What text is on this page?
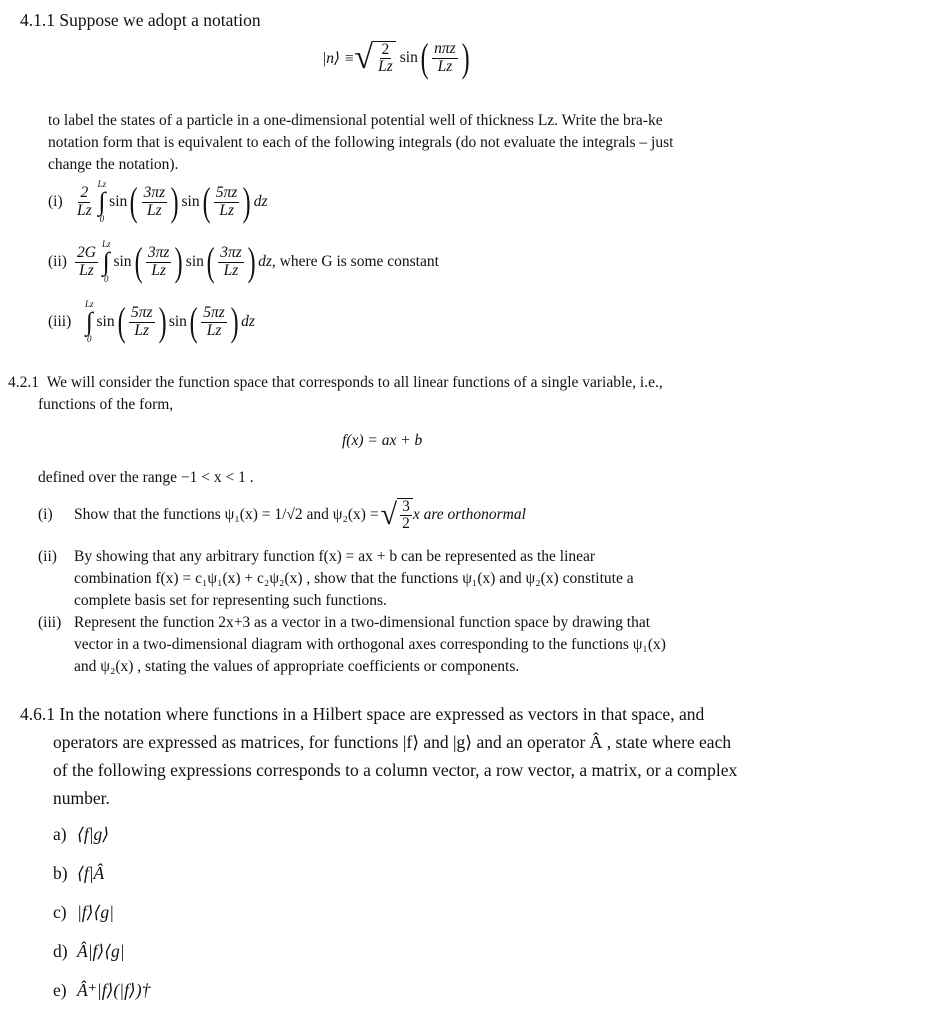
4.1.1 Suppose we adopt a notation
|n⟩ ≡ √ $\frac{2}{Lz}$ sin ( $\frac{\text{nπz}}{Lz}$ )
to label the states of a particle in a one-dimensional potential well of thickness Lz. Write the bra-ke
notation form that is equivalent to each of the following integrals (do not evaluate the integrals – just
change the notation).
$(i) \frac{2}{Lz}$
Lz
∫
0
sin ( $\frac{3\pi z}{Lz}$ ) sin ( $\frac{5\pi z}{Lz}$ ) dz
$(ii) \frac{2G}{Lz}$
Lz
∫
0
sin ( $\frac{3\pi z}{Lz}$ ) sin ( $\frac{3\pi z}{Lz}$ ) dz , where G is some constant
(iii)
Lz
∫
0
sin ( $\frac{5\pi z}{Lz}$ ) sin ( $\frac{5\pi z}{Lz}$ ) dz
4.2.1 We will consider the function space that corresponds to all linear functions of a single variable, i.e.,
functions of the form,
f(x) = ax + b
defined over the range −1 < x < 1 .
(i)	Show that the functions ψ₁(x) = 1/√2 and ψ₂(x) = √ $\frac{3}{2}$ x are orthonormal
(ii)	By showing that any arbitrary function f(x) = ax + b can be represented as the linear
combination f(x) = c₁ψ₁(x) + c₂ψ₂(x) , show that the functions ψ₁(x) and ψ₂(x) constitute a
complete basis set for representing such functions.
(iii) Represent the function 2x+3 as a vector in a two-dimensional function space by drawing that
vector in a two-dimensional diagram with orthogonal axes corresponding to the functions ψ₁(x)
and ψ₂(x) , stating the values of appropriate coefficients or components.
4.6.1 In the notation where functions in a Hilbert space are expressed as vectors in that space, and
operators are expressed as matrices, for functions |f⟩ and |g⟩ and an operator Â , state where each
of the following expressions corresponds to a column vector, a row vector, a matrix, or a complex
number.
a) ⟨f|g⟩
b) ⟨f|Â
c) |f⟩⟨g|
d) Â|f⟩⟨g|
e) Â⁺|f⟩(|f⟩)†
